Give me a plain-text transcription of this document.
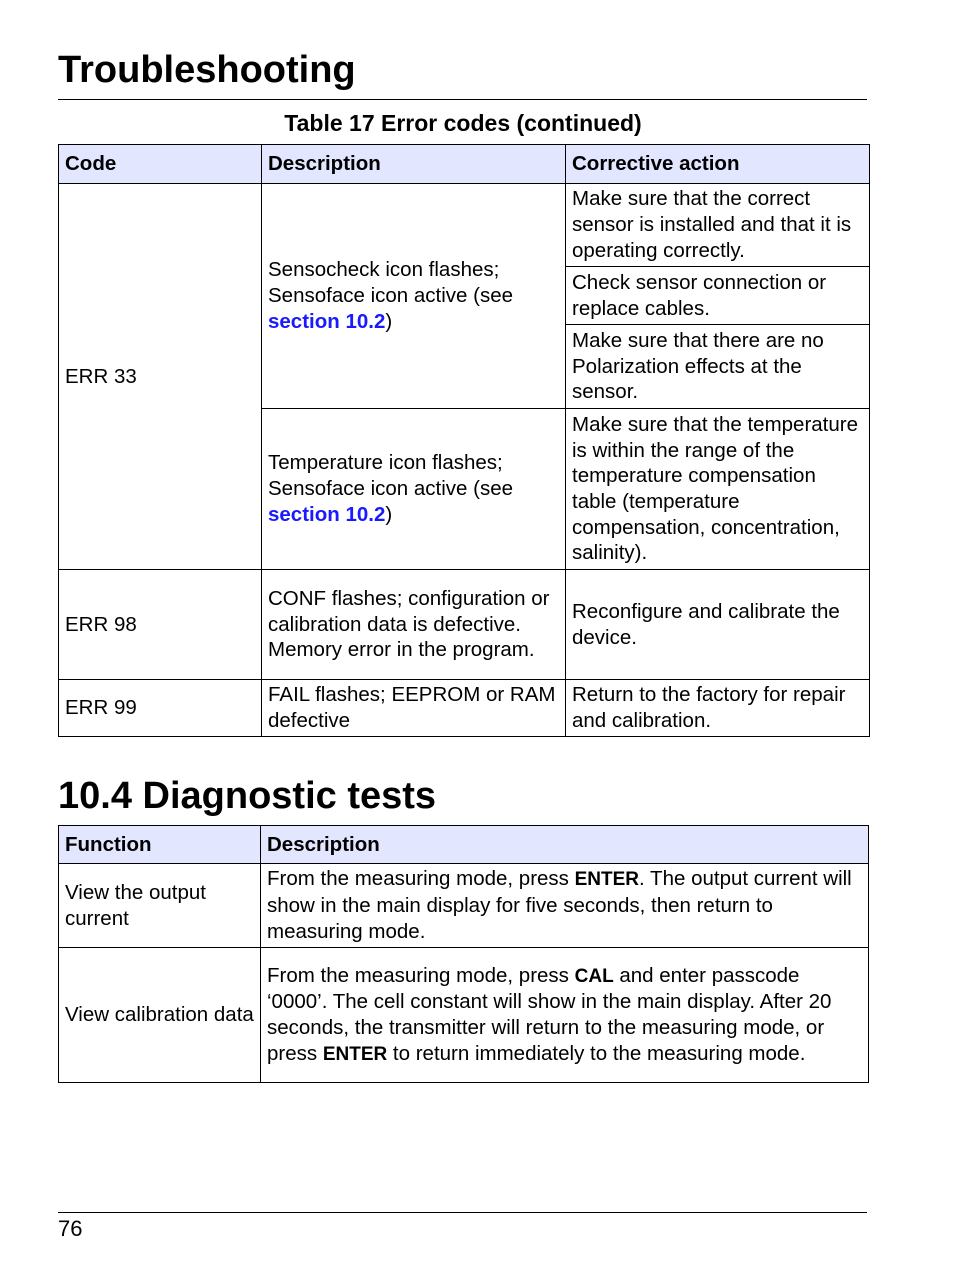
Troubleshooting
Table 17 Error codes (continued)
Code	Description	Corrective action
ERR 33	Sensocheck icon flashes; Sensoface icon active (see section 10.2)	Make sure that the correct sensor is installed and that it is operating correctly.
		Check sensor connection or replace cables.
		Make sure that there are no Polarization effects at the sensor.
	Temperature icon flashes; Sensoface icon active (see section 10.2)	Make sure that the temperature is within the range of the temperature compensation table (temperature compensation, concentration, salinity).
ERR 98	CONF flashes; configuration or calibration data is defective. Memory error in the program.	Reconfigure and calibrate the device.
ERR 99	FAIL flashes; EEPROM or RAM defective	Return to the factory for repair and calibration.
10.4 Diagnostic tests
Function	Description
View the output current	From the measuring mode, press ENTER. The output current will show in the main display for five seconds, then return to measuring mode.
View calibration data	From the measuring mode, press CAL and enter passcode ‘0000’. The cell constant will show in the main display. After 20 seconds, the transmitter will return to the measuring mode, or press ENTER to return immediately to the measuring mode.
76
